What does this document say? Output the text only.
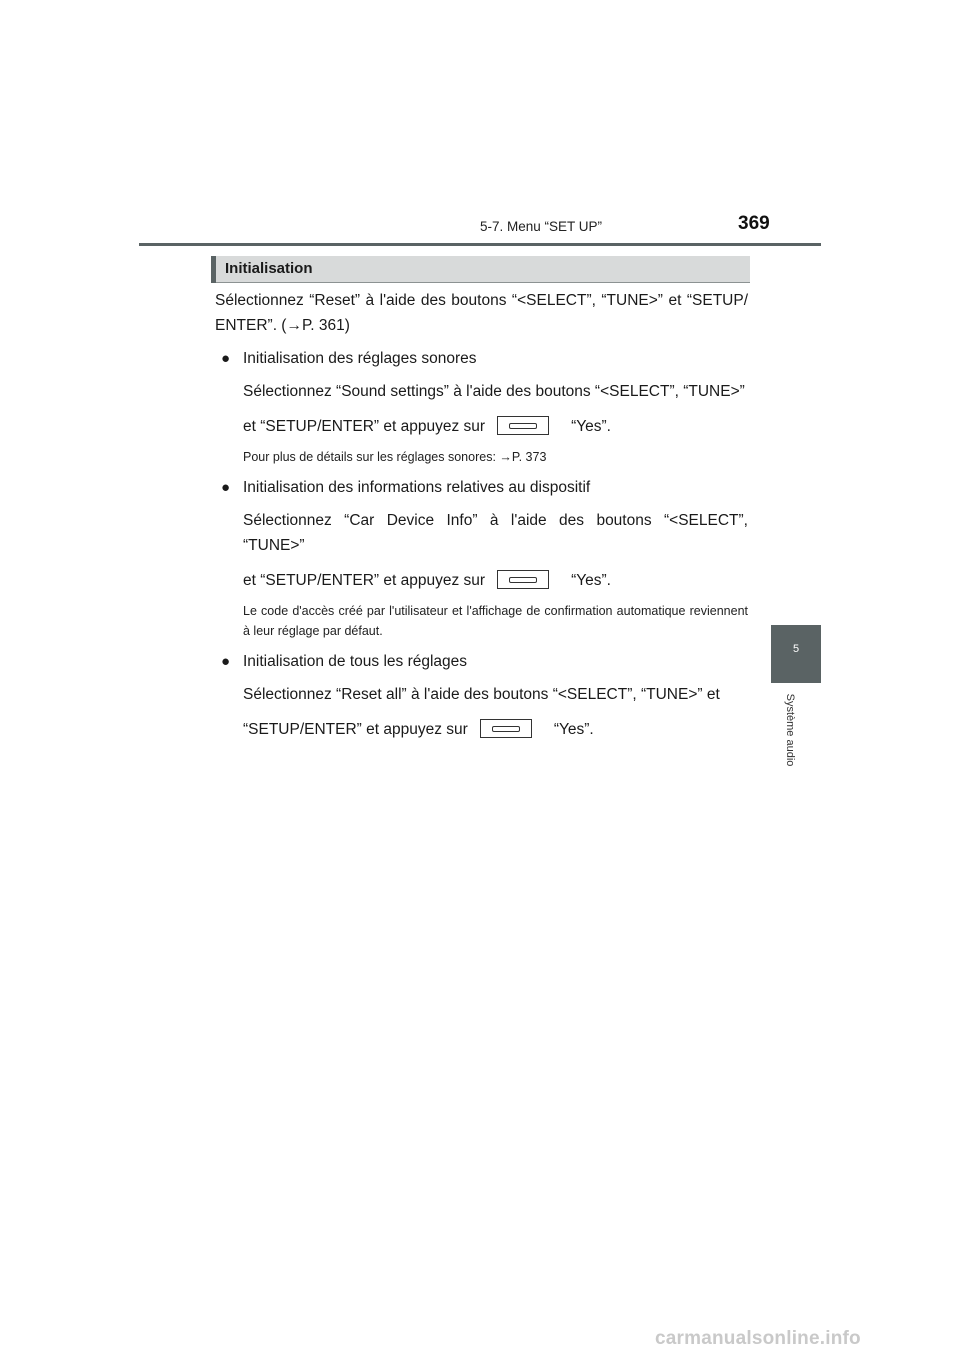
5-7. Menu “SET UP”	369
Initialisation

Sélectionnez “Reset” à l'aide des boutons “<SELECT”, “TUNE>” et “SETUP/ ENTER”. (→P. 361)

● Initialisation des réglages sonores
Sélectionnez “Sound settings” à l'aide des boutons “<SELECT”, “TUNE>”
et “SETUP/ENTER” et appuyez sur	“Yes”.
Pour plus de détails sur les réglages sonores: →P. 373
● Initialisation des informations relatives au dispositif
Sélectionnez “Car Device Info” à l'aide des boutons “<SELECT”, “TUNE>”
et “SETUP/ENTER” et appuyez sur	“Yes”.
Le code d'accès créé par l'utilisateur et l'affichage de confirmation automatique reviennent à leur réglage par défaut.
● Initialisation de tous les réglages
Sélectionnez “Reset all” à l'aide des boutons “<SELECT”, “TUNE>” et
“SETUP/ENTER” et appuyez sur	“Yes”.
5
Système audio
carmanualsonline.info
